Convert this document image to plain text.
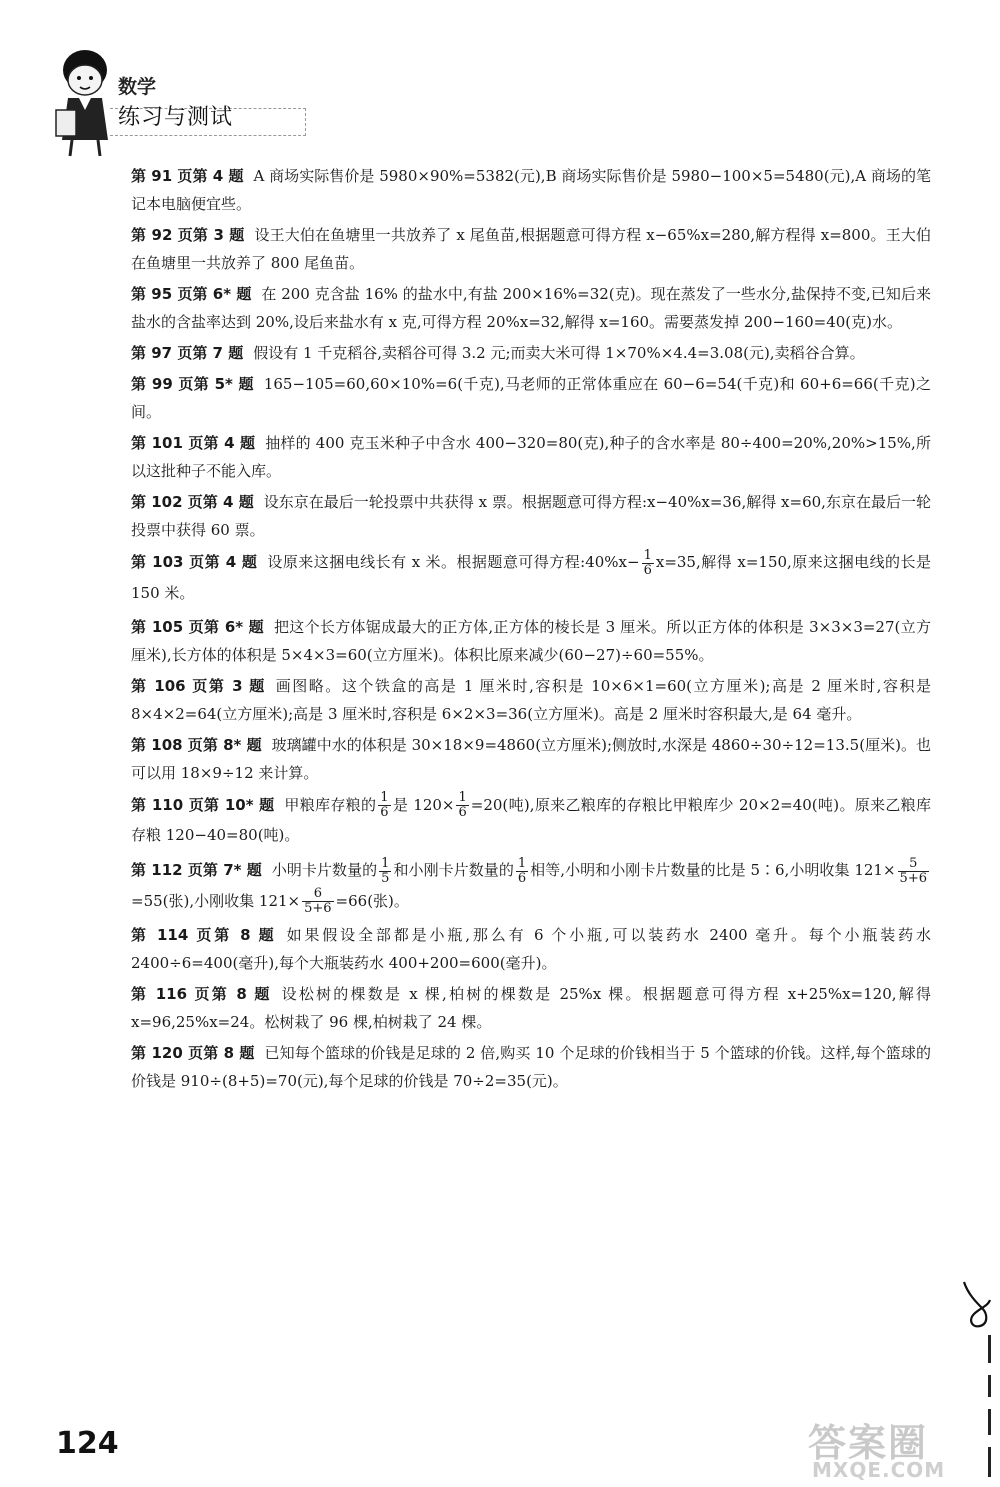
数学
练习与测试

第 91 页第 4 题 A 商场实际售价是 5980×90%=5382(元),B 商场实际售价是 5980−100×5=5480(元),A 商场的笔记本电脑便宜些。

第 92 页第 3 题 设王大伯在鱼塘里一共放养了 x 尾鱼苗,根据题意可得方程 x−65%x=280,解方程得 x=800。王大伯在鱼塘里一共放养了 800 尾鱼苗。

第 95 页第 6* 题 在 200 克含盐 16% 的盐水中,有盐 200×16%=32(克)。现在蒸发了一些水分,盐保持不变,已知后来盐水的含盐率达到 20%,设后来盐水有 x 克,可得方程 20%x=32,解得 x=160。需要蒸发掉 200−160=40(克)水。

第 97 页第 7 题 假设有 1 千克稻谷,卖稻谷可得 3.2 元;而卖大米可得 1×70%×4.4=3.08(元),卖稻谷合算。

第 99 页第 5* 题 165−105=60,60×10%=6(千克),马老师的正常体重应在 60−6=54(千克)和 60+6=66(千克)之间。

第 101 页第 4 题 抽样的 400 克玉米种子中含水 400−320=80(克),种子的含水率是 80÷400=20%,20%>15%,所以这批种子不能入库。

第 102 页第 4 题 设东京在最后一轮投票中共获得 x 票。根据题意可得方程:x−40%x=36,解得 x=60,东京在最后一轮投票中获得 60 票。

第 103 页第 4 题 设原来这捆电线长有 x 米。根据题意可得方程:40%x− $\frac{1}{6} x=35$,解得 x=150,原来这捆电线的长是 150 米。

第 105 页第 6* 题 把这个长方体锯成最大的正方体,正方体的棱长是 3 厘米。所以正方体的体积是 3×3×3=27(立方厘米),长方体的体积是 5×4×3=60(立方厘米)。体积比原来减少(60−27)÷60=55%。

第 106 页第 3 题 画图略。这个铁盒的高是 1 厘米时,容积是 10×6×1=60(立方厘米);高是 2 厘米时,容积是 8×4×2=64(立方厘米);高是 3 厘米时,容积是 6×2×3=36(立方厘米)。高是 2 厘米时容积最大,是 64 毫升。

第 108 页第 8* 题 玻璃罐中水的体积是 30×18×9=4860(立方厘米);侧放时,水深是 4860÷30÷12=13.5(厘米)。也可以用 18×9÷12 来计算。

第 110 页第 10* 题 甲粮库存粮的 $\frac{1}{6}$ 是 $120\times \frac{1}{6} =20$(吨),原来乙粮库的存粮比甲粮库少 20×2=40(吨)。原来乙粮库存粮 120−40=80(吨)。

第 112 页第 7* 题 小明卡片数量的 $\frac{1}{5}$ 和小刚卡片数量的 $\frac{1}{6}$ 相等,小明和小刚卡片数量的比是 5∶6,小明收集 $121\times \frac{5}{5+6}$
=55(张),小刚收集 $121\times \frac{6}{5+6} =66$(张)。

第 114 页第 8 题 如果假设全部都是小瓶,那么有 6 个小瓶,可以装药水 2400 毫升。每个小瓶装药水 2400÷6=400(毫升),每个大瓶装药水 400+200=600(毫升)。

第 116 页第 8 题 设松树的棵数是 x 棵,柏树的棵数是 25%x 棵。根据题意可得方程 x+25%x=120,解得 x=96,25%x=24。松树栽了 96 棵,柏树栽了 24 棵。

第 120 页第 8 题 已知每个篮球的价钱是足球的 2 倍,购买 10 个足球的价钱相当于 5 个篮球的价钱。这样,每个篮球的价钱是 910÷(8+5)=70(元),每个足球的价钱是 70÷2=35(元)。

124	答案圈
MXQE.COM
